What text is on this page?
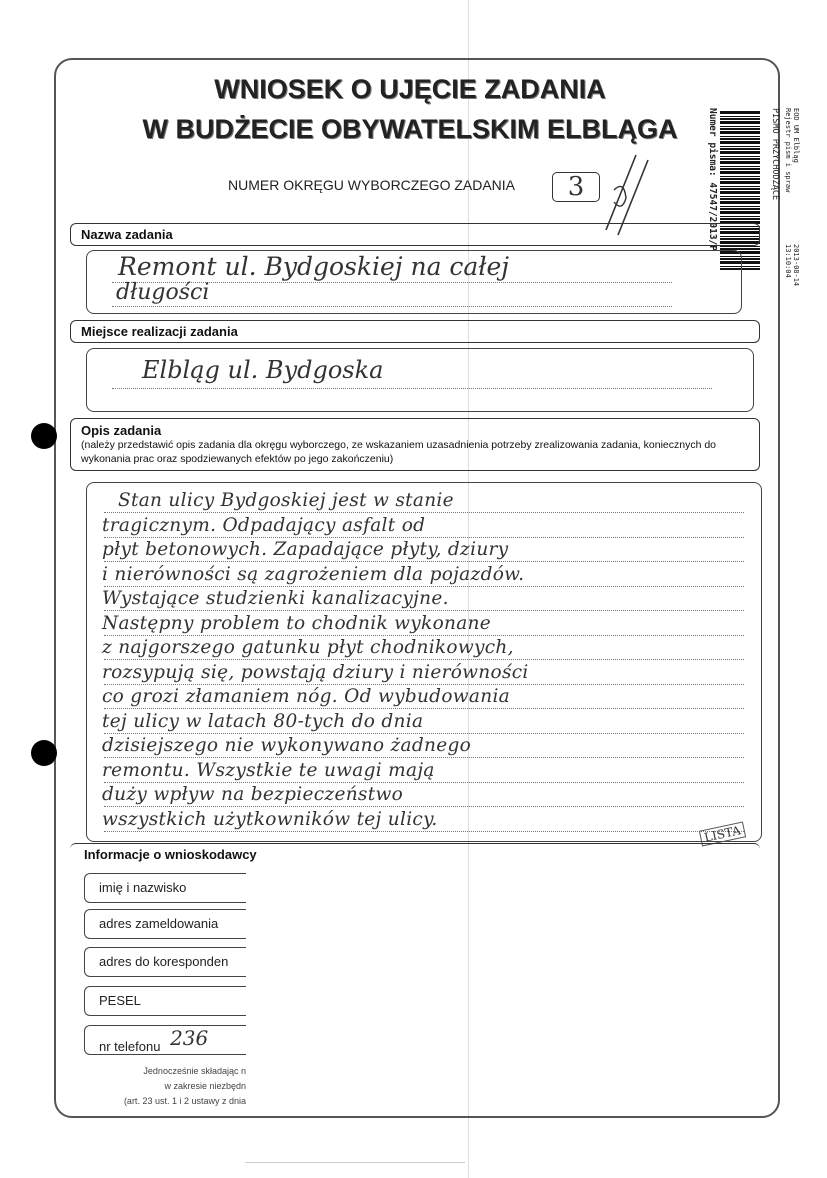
WNIOSEK O UJĘCIE ZADANIA
W BUDŻECIE OBYWATELSKIM ELBLĄGA
NUMER OKRĘGU WYBORCZEGO ZADANIA	3	Numer pisma: 47547/2013/P	EOD UM Elbląg
Rejestr pism i spraw
PISMO PRZYCHODZĄCE
2013-08-14
13:10:04
Nazwa zadania
Remont ul. Bydgoskiej na całej
długości
Miejsce realizacji zadania
Elbląg ul. Bydgoska
Opis zadania
(należy przedstawić opis zadania dla okręgu wyborczego, ze wskazaniem uzasadnienia potrzeby zrealizowania zadania, koniecznych do wykonania prac oraz spodziewanych efektów po jego zakończeniu)
Stan ulicy Bydgoskiej jest w stanie
tragicznym. Odpadający asfalt od
płyt betonowych. Zapadające płyty, dziury
i nierówności są zagrożeniem dla pojazdów.
Wystające studzienki kanalizacyjne.
Następny problem to chodnik wykonane
z najgorszego gatunku płyt chodnikowych,
rozsypują się, powstają dziury i nierówności
co grozi złamaniem nóg. Od wybudowania
tej ulicy w latach 80-tych do dnia
dzisiejszego nie wykonywano żadnego
remontu. Wszystkie te uwagi mają
duży wpływ na bezpieczeństwo
wszystkich użytkowników tej ulicy.
LISTA
Informacje o wnioskodawcy
imię i nazwisko
adres zameldowania
adres do koresponden
PESEL
nr telefonu 236
Jednocześnie składając n
w zakresie niezbędn
(art. 23 ust. 1 i 2 ustawy z dnia
